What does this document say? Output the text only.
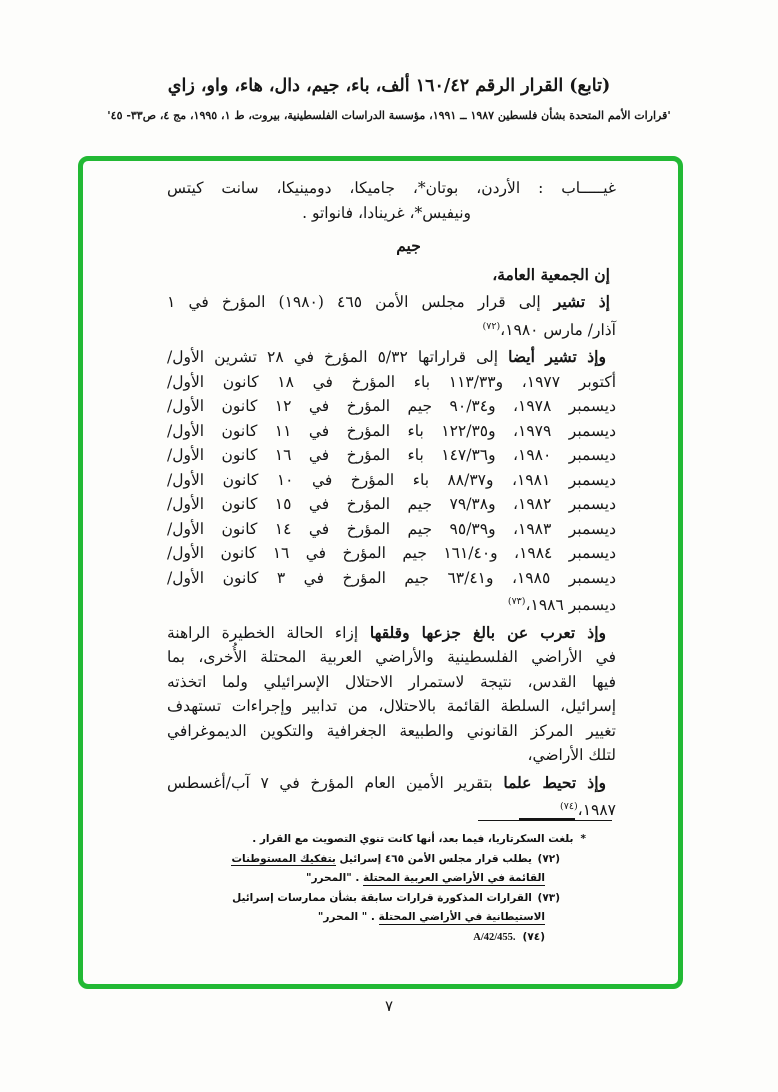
(تابع) القرار الرقم ١٦٠/٤٢ ألف، باء، جيم، دال، هاء، واو، زاي
'قرارات الأمم المتحدة بشأن فلسطين ١٩٨٧ ــ ١٩٩١، مؤسسة الدراسات الفلسطينية، بيروت، ط ١، ١٩٩٥، مج ٤، ص٣٣- ٤٥'
غيـــــاب : الأردن، بوتان*، جاميكا، دومينيكا، سانت كيتس
ونيفيس*، غرينادا، فانواتو .
جيم
إن الجمعية العامة،
إذ تشير إلى قرار مجلس الأمن ٤٦٥ (١٩٨٠) المؤرخ في ١
آذار/ مارس ١٩٨٠،$^{(٧٢)}$
وإذ تشير أيضا إلى قراراتها ٥/٣٢ المؤرخ في ٢٨ تشرين الأول/
أكتوبر ١٩٧٧، و١١٣/٣٣ باء المؤرخ في ١٨ كانون الأول/
ديسمبر ١٩٧٨، و٩٠/٣٤ جيم المؤرخ في ١٢ كانون الأول/
ديسمبر ١٩٧٩، و١٢٢/٣٥ باء المؤرخ في ١١ كانون الأول/
ديسمبر ١٩٨٠، و١٤٧/٣٦ باء المؤرخ في ١٦ كانون الأول/
ديسمبر ١٩٨١، و٨٨/٣٧ باء المؤرخ في ١٠ كانون الأول/
ديسمبر ١٩٨٢، و٧٩/٣٨ جيم المؤرخ في ١٥ كانون الأول/
ديسمبر ١٩٨٣، و٩٥/٣٩ جيم المؤرخ في ١٤ كانون الأول/
ديسمبر ١٩٨٤، و١٦١/٤٠ جيم المؤرخ في ١٦ كانون الأول/
ديسمبر ١٩٨٥، و٦٣/٤١ جيم المؤرخ في ٣ كانون الأول/
ديسمبر ١٩٨٦،$^{(٧٣)}$
وإذ تعرب عن بالغ جزعها وقلقها إزاء الحالة الخطيرة الراهنة
في الأراضي الفلسطينية والأراضي العربية المحتلة الأُخرى، بما
فيها القدس، نتيجة لاستمرار الاحتلال الإسرائيلي ولما اتخذته
إسرائيل، السلطة القائمة بالاحتلال، من تدابير وإجراءات تستهدف
تغيير المركز القانوني والطبيعة الجغرافية والتكوين الديموغرافي
لتلك الأراضي،
وإذ تحيط علما بتقرير الأمين العام المؤرخ في ٧ آب/أغسطس
١٩٨٧،$^{(٧٤)}$
*بلغت السكرتاريا، فيما بعد، أنها كانت تنوي التصويت مع القرار .
(٧٢) يطلب قرار مجلس الأمن ٤٦٥ إسرائيل بتفكيك المستوطنات
القائمة في الأراضي العربية المحتلة . "المحرر"
(٧٣) القرارات المذكورة قرارات سابقة بشأن ممارسات إسرائيل
الاستيطانية في الأراضي المحتلة . " المحرر"
(٧٤)A/42/455.
٧
